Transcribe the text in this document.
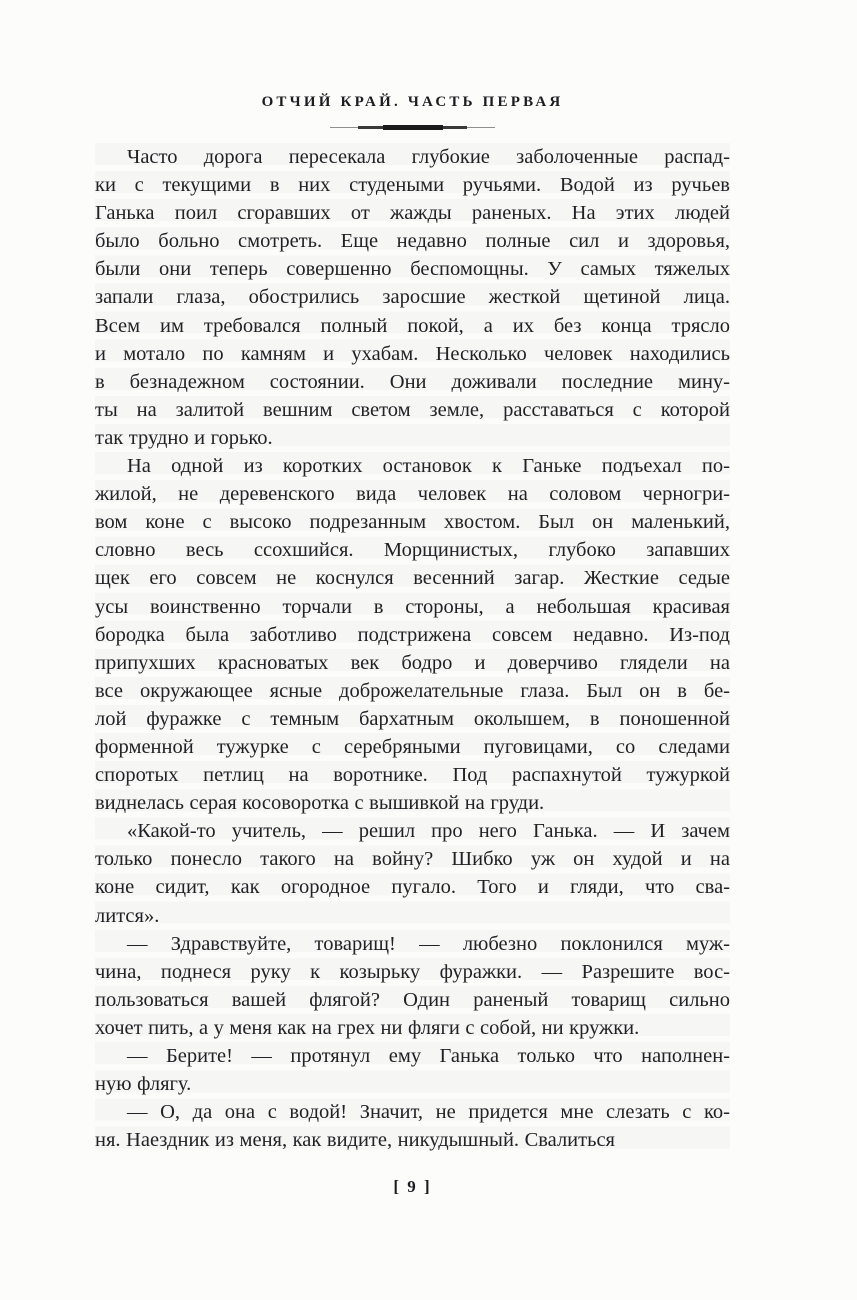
ОТЧИЙ КРАЙ. ЧАСТЬ ПЕРВАЯ
Часто дорога пересекала глубокие заболоченные распад-
ки с текущими в них студеными ручьями. Водой из ручьев
Ганька поил сгоравших от жажды раненых. На этих людей
было больно смотреть. Еще недавно полные сил и здоровья,
были они теперь совершенно беспомощны. У самых тяжелых
запали глаза, обострились заросшие жесткой щетиной лица.
Всем им требовался полный покой, а их без конца трясло
и мотало по камням и ухабам. Несколько человек находились
в безнадежном состоянии. Они доживали последние мину-
ты на залитой вешним светом земле, расставаться с которой
так трудно и горько.
На одной из коротких остановок к Ганьке подъехал по-
жилой, не деревенского вида человек на соловом черногри-
вом коне с высоко подрезанным хвостом. Был он маленький,
словно весь ссохшийся. Морщинистых, глубоко запавших
щек его совсем не коснулся весенний загар. Жесткие седые
усы воинственно торчали в стороны, а небольшая красивая
бородка была заботливо подстрижена совсем недавно. Из-под
припухших красноватых век бодро и доверчиво глядели на
все окружающее ясные доброжелательные глаза. Был он в бе-
лой фуражке с темным бархатным околышем, в поношенной
форменной тужурке с серебряными пуговицами, со следами
споротых петлиц на воротнике. Под распахнутой тужуркой
виднелась серая косоворотка с вышивкой на груди.
«Какой-то учитель, — решил про него Ганька. — И зачем
только понесло такого на войну? Шибко уж он худой и на
коне сидит, как огородное пугало. Того и гляди, что сва-
лится».
— Здравствуйте, товарищ! — любезно поклонился муж-
чина, поднеся руку к козырьку фуражки. — Разрешите вос-
пользоваться вашей флягой? Один раненый товарищ сильно
хочет пить, а у меня как на грех ни фляги с собой, ни кружки.
— Берите! — протянул ему Ганька только что наполнен-
ную флягу.
— О, да она с водой! Значит, не придется мне слезать с ко-
ня. Наездник из меня, как видите, никудышный. Свалиться
[ 9 ]
